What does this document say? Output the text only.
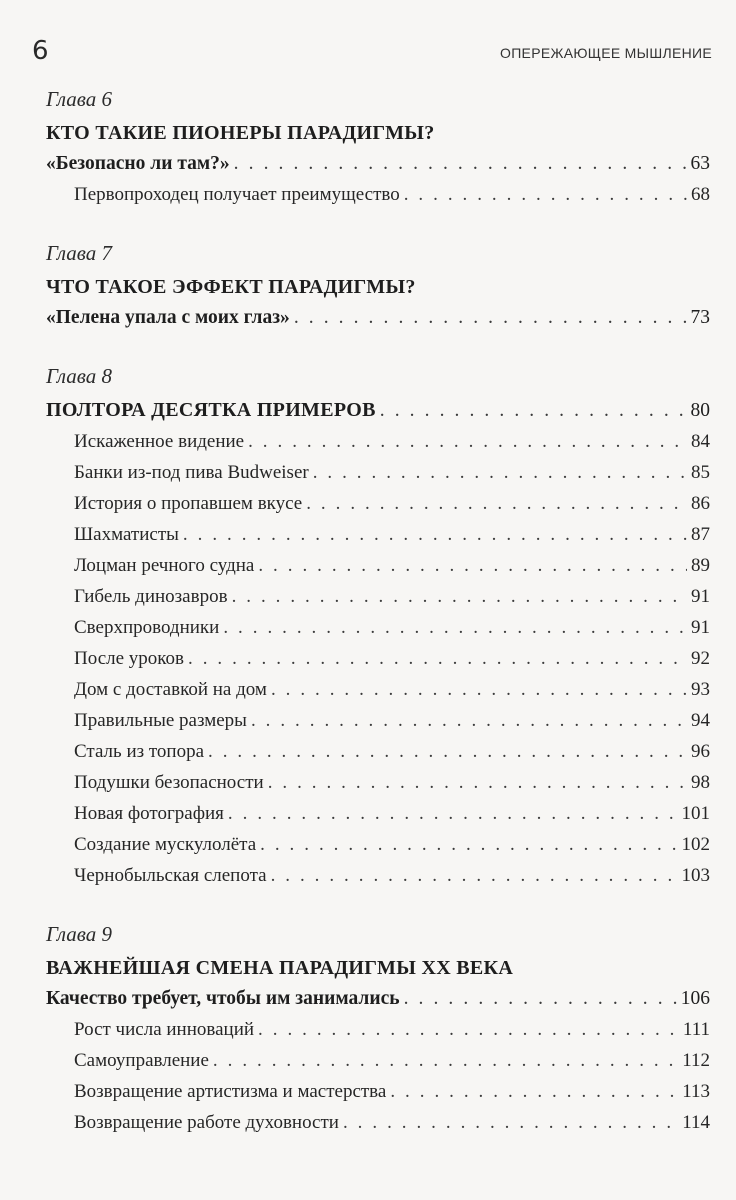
6	ОПЕРЕЖАЮЩЕЕ МЫШЛЕНИЕ
Глава 6
КТО ТАКИЕ ПИОНЕРЫ ПАРАДИГМЫ?
«Безопасно ли там?» . . .	63
Первопроходец получает преимущество . . .	68
Глава 7
ЧТО ТАКОЕ ЭФФЕКТ ПАРАДИГМЫ?
«Пелена упала с моих глаз» . . .	73
Глава 8
ПОЛТОРА ДЕСЯТКА ПРИМЕРОВ . . .	80
Искаженное видение . . .	84
Банки из-под пива Budweiser . . .	85
История о пропавшем вкусе . . .	86
Шахматисты . . .	87
Лоцман речного судна . . .	89
Гибель динозавров . . .	91
Сверхпроводники . . .	91
После уроков . . .	92
Дом с доставкой на дом . . .	93
Правильные размеры . . .	94
Сталь из топора . . .	96
Подушки безопасности . . .	98
Новая фотография . . .	101
Создание мускулолёта . . .	102
Чернобыльская слепота . . .	103
Глава 9
ВАЖНЕЙШАЯ СМЕНА ПАРАДИГМЫ XX ВЕКА
Качество требует, чтобы им занимались . . .	106
Рост числа инноваций . . .	111
Самоуправление . . .	112
Возвращение артистизма и мастерства . . .	113
Возвращение работе духовности . . .	114
